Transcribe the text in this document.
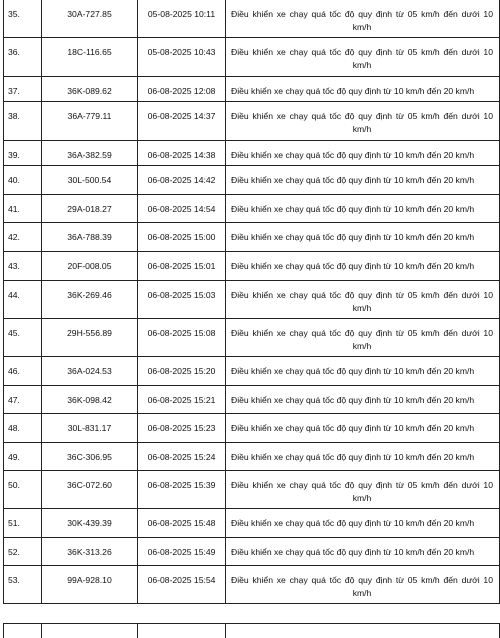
35.	30A-727.85	05-08-2025 10:11	Điều khiển xe chạy quá tốc độ quy định từ 05 km/h đến dưới 10 km/h
36.	18C-116.65	05-08-2025 10:43	Điều khiển xe chạy quá tốc độ quy định từ 05 km/h đến dưới 10 km/h
37.	36K-089.62	06-08-2025 12:08	Điều khiển xe chạy quá tốc độ quy định từ 10 km/h đến 20 km/h
38.	36A-779.11	06-08-2025 14:37	Điều khiển xe chạy quá tốc độ quy định từ 05 km/h đến dưới 10 km/h
39.	36A-382.59	06-08-2025 14:38	Điều khiển xe chạy quá tốc độ quy định từ 10 km/h đến 20 km/h
40.	30L-500.54	06-08-2025 14:42	Điều khiển xe chạy quá tốc độ quy định từ 10 km/h đến 20 km/h
41.	29A-018.27	06-08-2025 14:54	Điều khiển xe chạy quá tốc độ quy định từ 10 km/h đến 20 km/h
42.	36A-788.39	06-08-2025 15:00	Điều khiển xe chạy quá tốc độ quy định từ 10 km/h đến 20 km/h
43.	20F-008.05	06-08-2025 15:01	Điều khiển xe chạy quá tốc độ quy định từ 10 km/h đến 20 km/h
44.	36K-269.46	06-08-2025 15:03	Điều khiển xe chạy quá tốc độ quy định từ 05 km/h đến dưới 10 km/h
45.	29H-556.89	06-08-2025 15:08	Điều khiển xe chạy quá tốc độ quy định từ 05 km/h đến dưới 10 km/h
46.	36A-024.53	06-08-2025 15:20	Điều khiển xe chạy quá tốc độ quy định từ 10 km/h đến 20 km/h
47.	36K-098.42	06-08-2025 15:21	Điều khiển xe chạy quá tốc độ quy định từ 10 km/h đến 20 km/h
48.	30L-831.17	06-08-2025 15:23	Điều khiển xe chạy quá tốc độ quy định từ 10 km/h đến 20 km/h
49.	36C-306.95	06-08-2025 15:24	Điều khiển xe chạy quá tốc độ quy định từ 10 km/h đến 20 km/h
50.	36C-072.60	06-08-2025 15:39	Điều khiển xe chạy quá tốc độ quy định từ 05 km/h đến dưới 10 km/h
51.	30K-439.39	06-08-2025 15:48	Điều khiển xe chạy quá tốc độ quy định từ 10 km/h đến 20 km/h
52.	36K-313.26	06-08-2025 15:49	Điều khiển xe chạy quá tốc độ quy định từ 10 km/h đến 20 km/h
53.	99A-928.10	06-08-2025 15:54	Điều khiển xe chạy quá tốc độ quy định từ 05 km/h đến dưới 10 km/h
